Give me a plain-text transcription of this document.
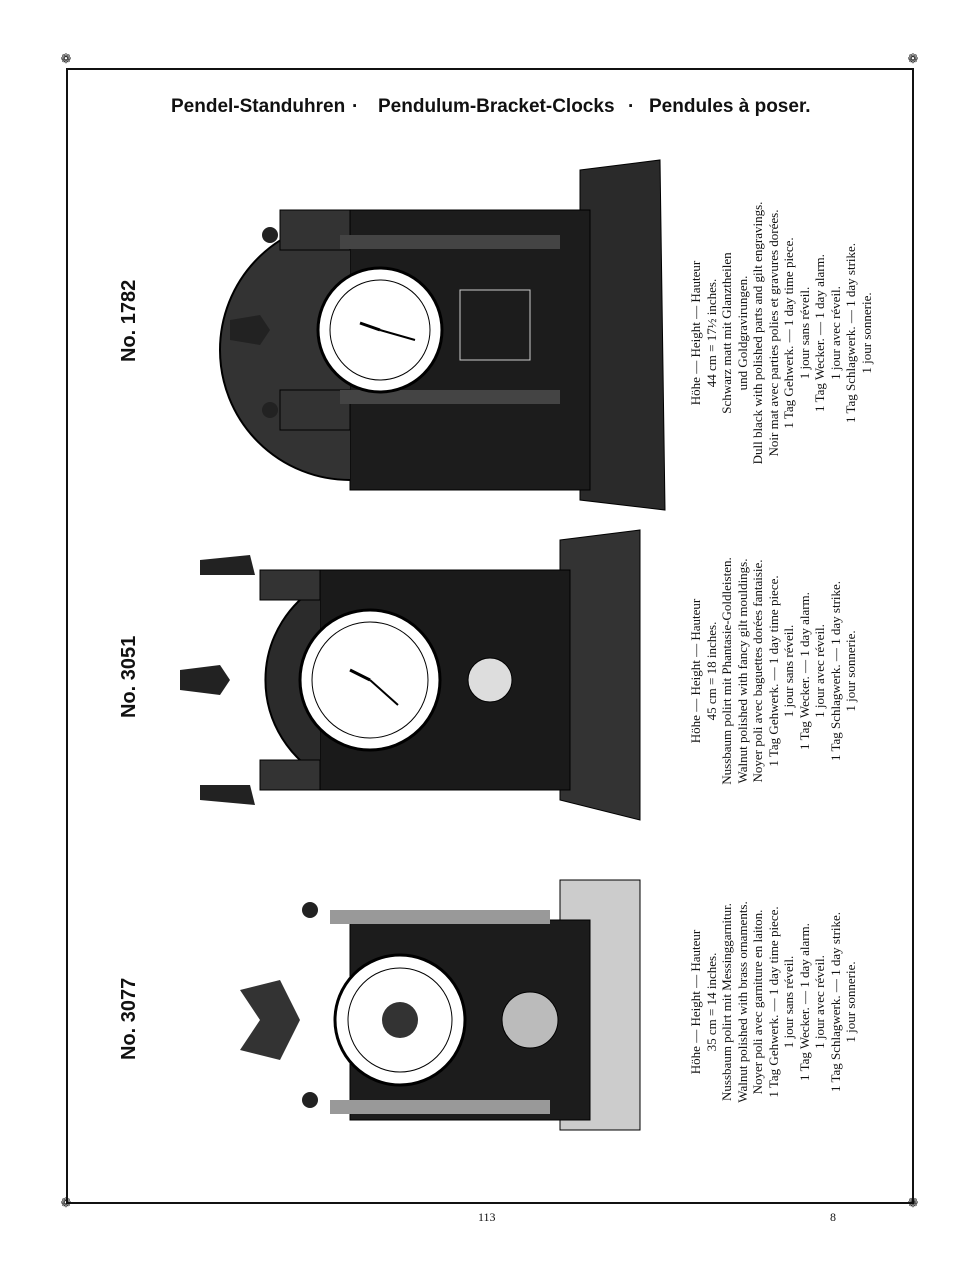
❁	❁
❁	❁
Pendel-Standuhren · Pendulum-Bracket-Clocks · Pendules à poser.
No. 3077	Höhe — Height — Hauteur 35 cm = 14 inches. Nussbaum polirt mit Messinggarnitur. Walnut polished with brass ornaments. Noyer poli avec garniture en laiton. 1 Tag Gehwerk. — 1 day time piece. 1 jour sans réveil. 1 Tag Wecker. — 1 day alarm. 1 jour avec réveil. 1 Tag Schlagwerk. — 1 day strike. 1 jour sonnerie.
No. 3051	Höhe — Height — Hauteur 45 cm = 18 inches. Nussbaum polirt mit Phantasie-Goldleisten. Walnut polished with fancy gilt mouldings. Noyer poli avec baguettes dorées fantaisie. 1 Tag Gehwerk. — 1 day time piece. 1 jour sans réveil. 1 Tag Wecker. — 1 day alarm. 1 jour avec réveil. 1 Tag Schlagwerk. — 1 day strike. 1 jour sonnerie.
No. 1782	Höhe — Height — Hauteur 44 cm = 17½ inches. Schwarz matt mit Glanztheilen und Goldgravirungen. Dull black with polished parts and gilt engravings. Noir mat avec parties polies et gravures dorées. 1 Tag Gehwerk. — 1 day time piece. 1 jour sans réveil. 1 Tag Wecker. — 1 day alarm. 1 jour avec réveil. 1 Tag Schlagwerk. — 1 day strike. 1 jour sonnerie.
113	8
